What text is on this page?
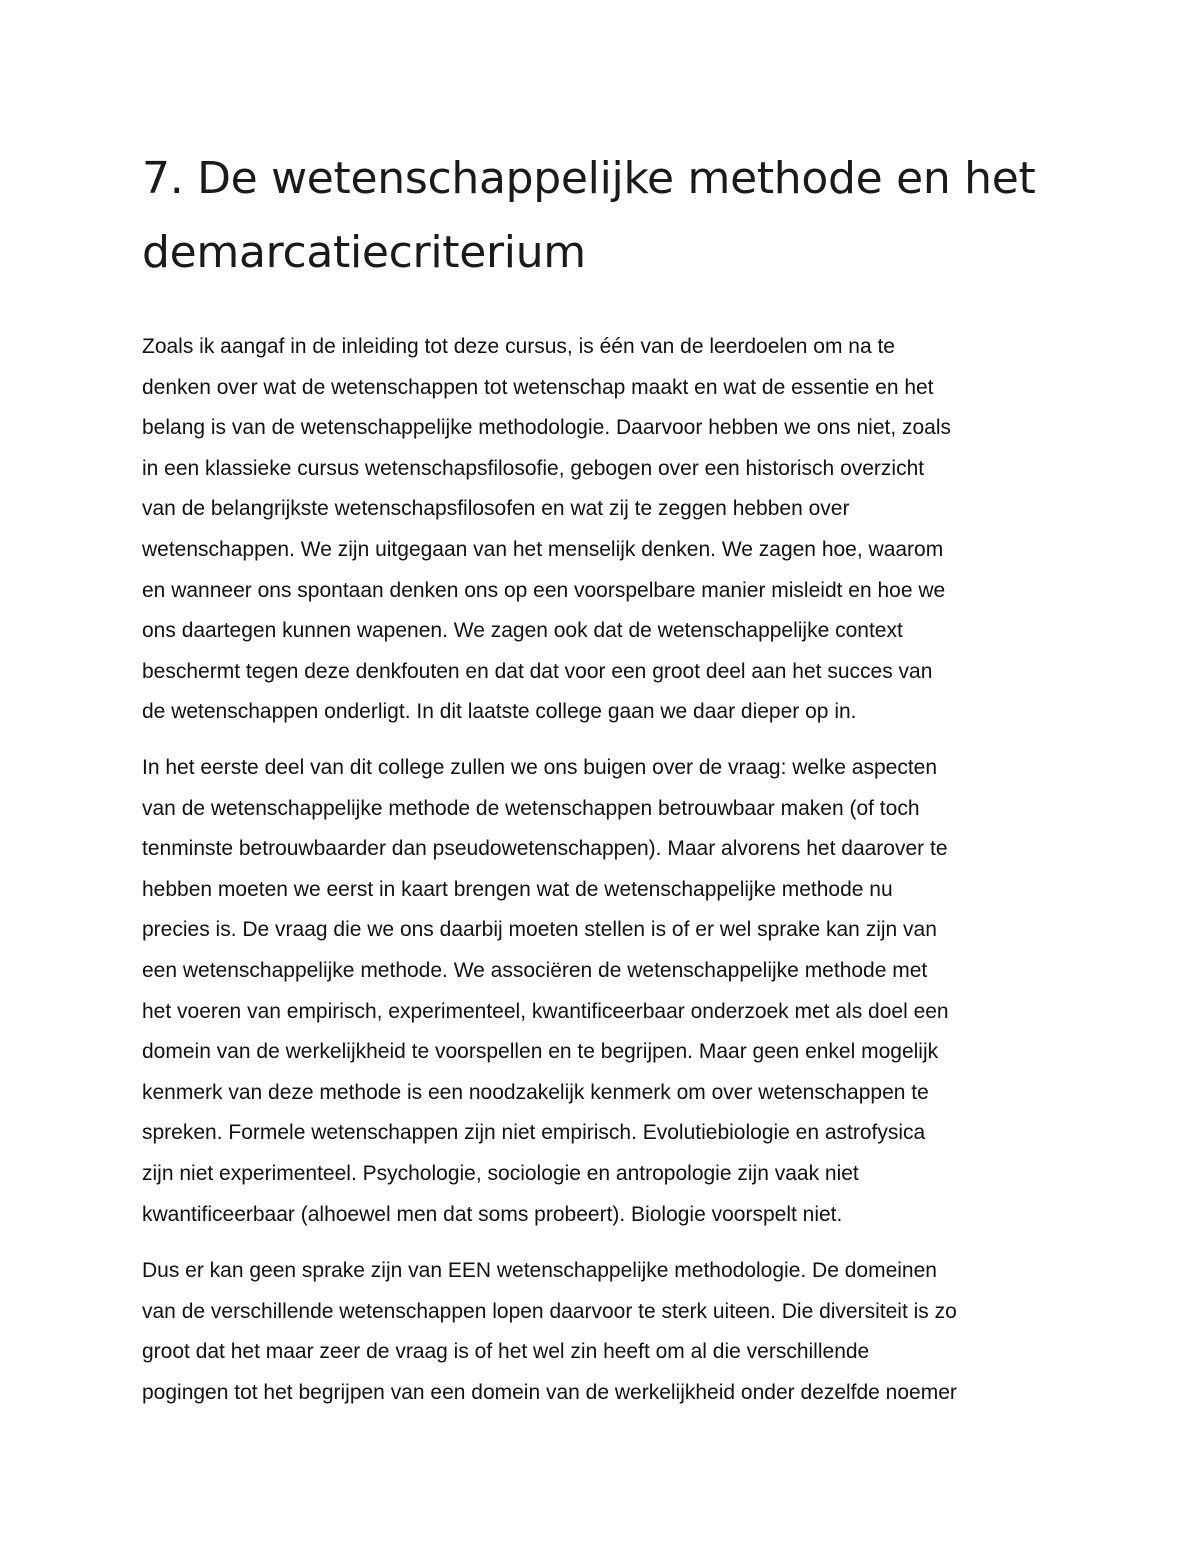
7. De wetenschappelijke methode en het
demarcatiecriterium
Zoals ik aangaf in de inleiding tot deze cursus, is één van de leerdoelen om na te
denken over wat de wetenschappen tot wetenschap maakt en wat de essentie en het
belang is van de wetenschappelijke methodologie. Daarvoor hebben we ons niet, zoals
in een klassieke cursus wetenschapsfilosofie, gebogen over een historisch overzicht
van de belangrijkste wetenschapsfilosofen en wat zij te zeggen hebben over
wetenschappen. We zijn uitgegaan van het menselijk denken. We zagen hoe, waarom
en wanneer ons spontaan denken ons op een voorspelbare manier misleidt en hoe we
ons daartegen kunnen wapenen. We zagen ook dat de wetenschappelijke context
beschermt tegen deze denkfouten en dat dat voor een groot deel aan het succes van
de wetenschappen onderligt. In dit laatste college gaan we daar dieper op in.
In het eerste deel van dit college zullen we ons buigen over de vraag: welke aspecten
van de wetenschappelijke methode de wetenschappen betrouwbaar maken (of toch
tenminste betrouwbaarder dan pseudowetenschappen). Maar alvorens het daarover te
hebben moeten we eerst in kaart brengen wat de wetenschappelijke methode nu
precies is. De vraag die we ons daarbij moeten stellen is of er wel sprake kan zijn van
een wetenschappelijke methode. We associëren de wetenschappelijke methode met
het voeren van empirisch, experimenteel, kwantificeerbaar onderzoek met als doel een
domein van de werkelijkheid te voorspellen en te begrijpen. Maar geen enkel mogelijk
kenmerk van deze methode is een noodzakelijk kenmerk om over wetenschappen te
spreken. Formele wetenschappen zijn niet empirisch. Evolutiebiologie en astrofysica
zijn niet experimenteel. Psychologie, sociologie en antropologie zijn vaak niet
kwantificeerbaar (alhoewel men dat soms probeert). Biologie voorspelt niet.
Dus er kan geen sprake zijn van EEN wetenschappelijke methodologie. De domeinen
van de verschillende wetenschappen lopen daarvoor te sterk uiteen. Die diversiteit is zo
groot dat het maar zeer de vraag is of het wel zin heeft om al die verschillende
pogingen tot het begrijpen van een domein van de werkelijkheid onder dezelfde noemer
